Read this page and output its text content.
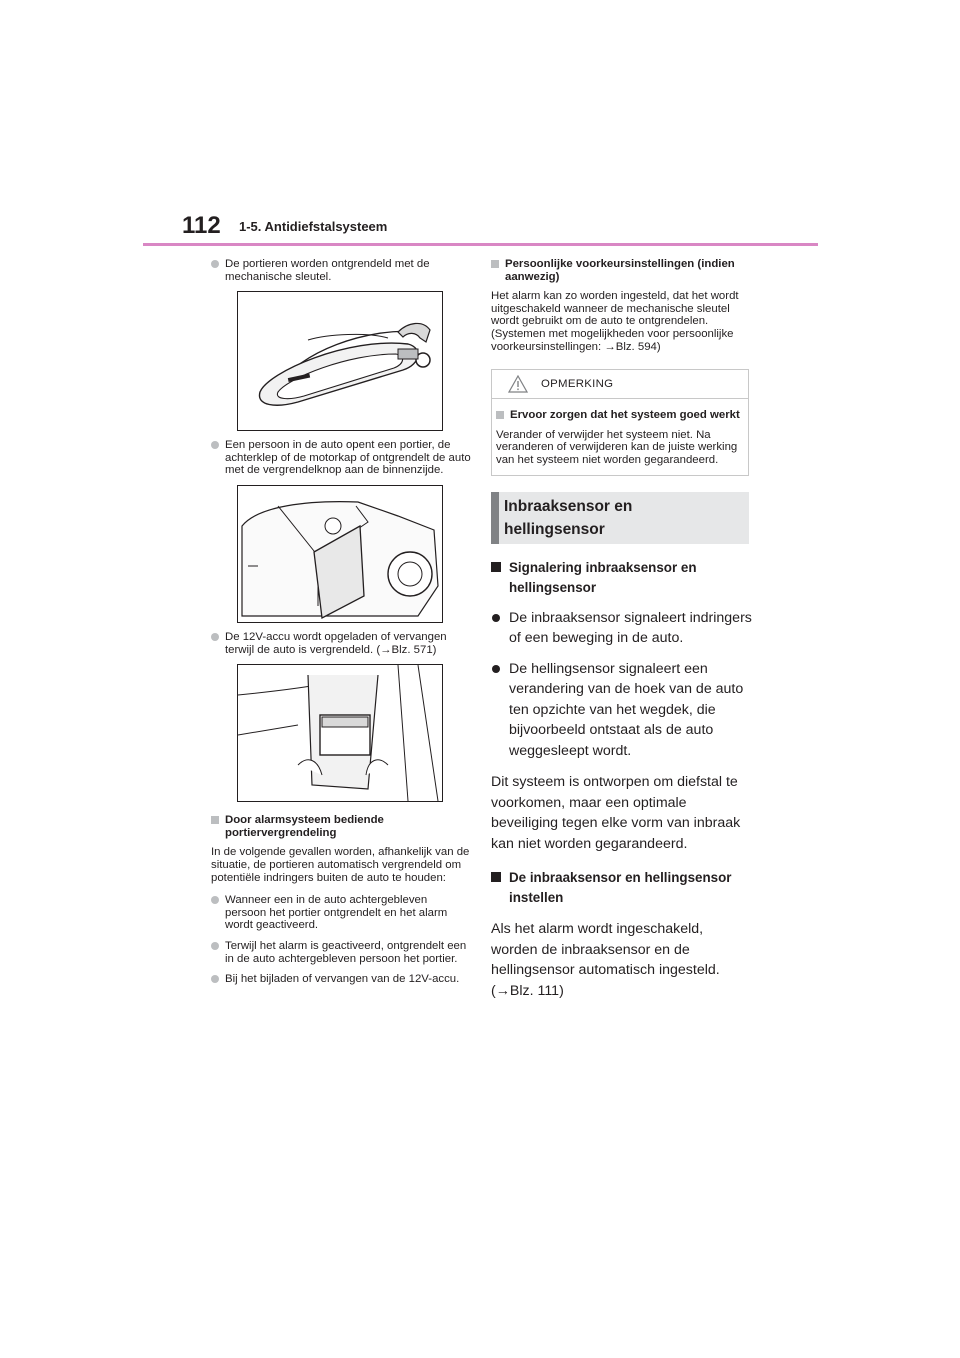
112 1-5. Antidiefstalsysteem
De portieren worden ontgrendeld met de mechanische sleutel.
Een persoon in de auto opent een portier, de achterklep of de motorkap of ontgrendelt de auto met de vergrendelknop aan de binnenzijde.
De 12V-accu wordt opgeladen of vervangen terwijl de auto is vergrendeld. (→Blz. 571)
Door alarmsysteem bediende portiervergrendeling
In de volgende gevallen worden, afhankelijk van de situatie, de portieren automatisch vergrendeld om potentiële indringers buiten de auto te houden:
Wanneer een in de auto achtergebleven persoon het portier ontgrendelt en het alarm wordt geactiveerd.
Terwijl het alarm is geactiveerd, ontgrendelt een in de auto achtergebleven persoon het portier.
Bij het bijladen of vervangen van de 12V-accu.
Persoonlijke voorkeursinstellingen (indien aanwezig)
Het alarm kan zo worden ingesteld, dat het wordt uitgeschakeld wanneer de mechanische sleutel wordt gebruikt om de auto te ontgrendelen.
(Systemen met mogelijkheden voor persoonlijke voorkeursinstellingen: →Blz. 594)
OPMERKING
Ervoor zorgen dat het systeem goed werkt
Verander of verwijder het systeem niet. Na veranderen of verwijderen kan de juiste werking van het systeem niet worden gegarandeerd.
Inbraaksensor en
hellingsensor
Signalering inbraaksensor en hellingsensor
De inbraaksensor signaleert indringers of een beweging in de auto.
De hellingsensor signaleert een verandering van de hoek van de auto ten opzichte van het wegdek, die bijvoorbeeld ontstaat als de auto weggesleept wordt.
Dit systeem is ontworpen om diefstal te voorkomen, maar een optimale beveiliging tegen elke vorm van inbraak kan niet worden gegarandeerd.
De inbraaksensor en hellingsensor instellen
Als het alarm wordt ingeschakeld, worden de inbraaksensor en de hellingsensor automatisch ingesteld. (→Blz. 111)
